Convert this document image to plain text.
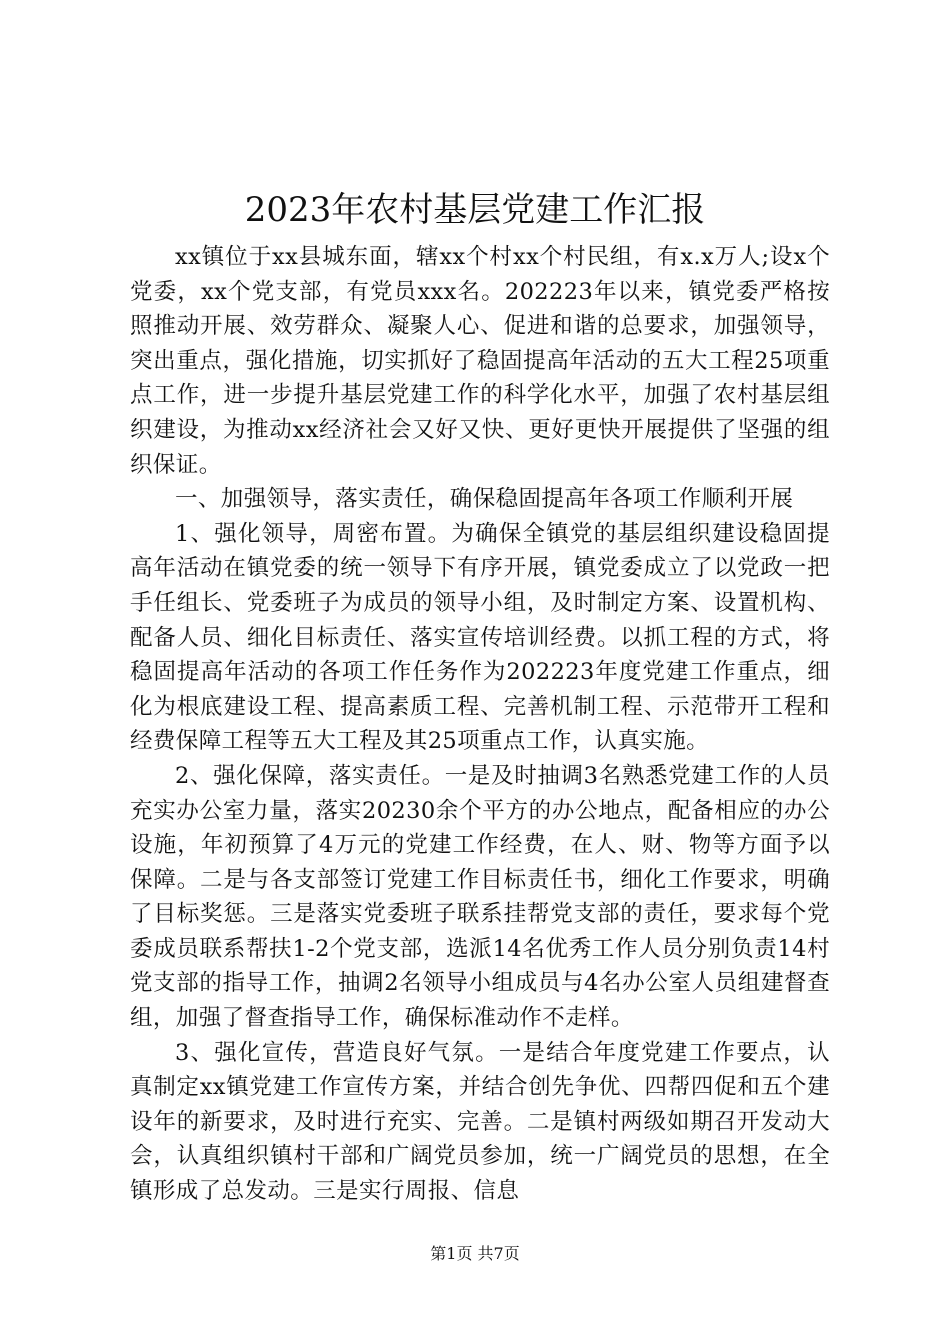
2023年农村基层党建工作汇报

xx镇位于xx县城东面，辖xx个村xx个村民组，有x.x万人;设x个党委，xx个党支部，有党员xxx名。202223年以来，镇党委严格按照推动开展、效劳群众、凝聚人心、促进和谐的总要求，加强领导，突出重点，强化措施，切实抓好了稳固提高年活动的五大工程25项重点工作，进一步提升基层党建工作的科学化水平，加强了农村基层组织建设，为推动xx经济社会又好又快、更好更快开展提供了坚强的组织保证。

一、加强领导，落实责任，确保稳固提高年各项工作顺利开展

1、强化领导，周密布置。为确保全镇党的基层组织建设稳固提高年活动在镇党委的统一领导下有序开展，镇党委成立了以党政一把手任组长、党委班子为成员的领导小组，及时制定方案、设置机构、配备人员、细化目标责任、落实宣传培训经费。以抓工程的方式，将稳固提高年活动的各项工作任务作为202223年度党建工作重点，细化为根底建设工程、提高素质工程、完善机制工程、示范带开工程和经费保障工程等五大工程及其25项重点工作，认真实施。

2、强化保障，落实责任。一是及时抽调3名熟悉党建工作的人员充实办公室力量，落实20230余个平方的办公地点，配备相应的办公设施，年初预算了4万元的党建工作经费，在人、财、物等方面予以保障。二是与各支部签订党建工作目标责任书，细化工作要求，明确了目标奖惩。三是落实党委班子联系挂帮党支部的责任，要求每个党委成员联系帮扶1-2个党支部，选派14名优秀工作人员分别负责14村党支部的指导工作，抽调2名领导小组成员与4名办公室人员组建督查组，加强了督查指导工作，确保标准动作不走样。

3、强化宣传，营造良好气氛。一是结合年度党建工作要点，认真制定xx镇党建工作宣传方案，并结合创先争优、四帮四促和五个建设年的新要求，及时进行充实、完善。二是镇村两级如期召开发动大会，认真组织镇村干部和广阔党员参加，统一广阔党员的思想，在全镇形成了总发动。三是实行周报、信息

第1页 共7页
